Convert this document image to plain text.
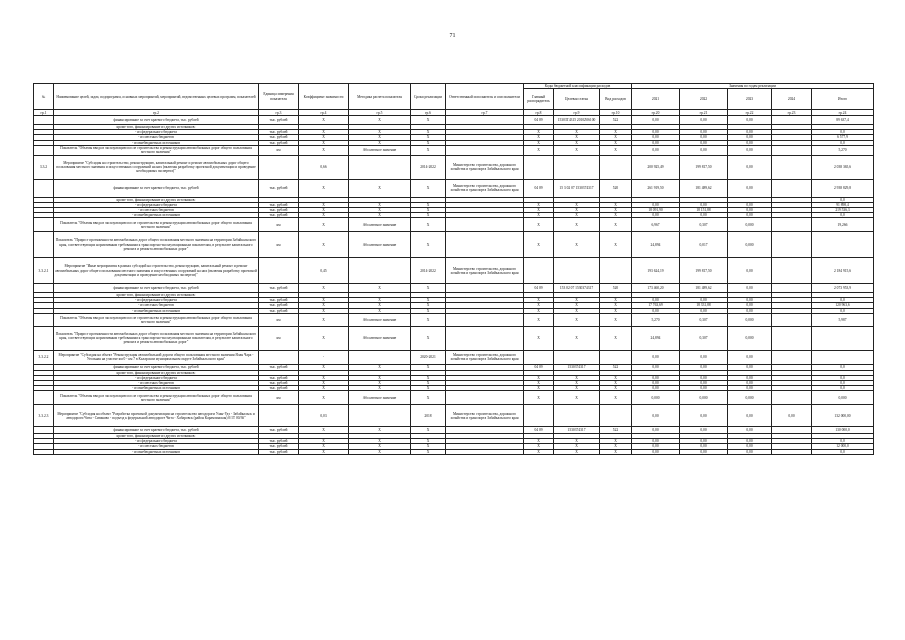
71
№	Наименование целей, задач, подпрограмм, основных мероприятий, мероприятий, ведомственных целевых программ, показателей	Единица измерения показателя	Коэффициент значимости	Методика расчета показателя	Сроки реализации	Ответственный исполнитель и соисполнители	Коды бюджетной классификации расходов			Значения по годам реализации				
							Главный распорядитель	Целевая статья	Вид расходов	2021	2022	2023	2024	Итого
гр.1	гр.2	гр.3	гр.4	гр.5	гр.6	гр.7	гр.8	гр.9	гр.10	гр.20	гр.21	гр.22	гр.23	гр.24
	финансирование за счет краевого бюджета, тыс. рублей	тыс. рублей	X	X	X		04 09	15303Т4315 2010Z06100	522	0,00	0,00	0,00		89 637,4
	кроме того, финансирование из других источников:													
	- из федерального бюджета	тыс. рублей	X	X	X		X	X	X	0,00	0,00	0,00		0,0
	- из местных бюджетов	тыс. рублей	X	X	X		X	X	X	0,00	0,00	0,00		6 577,9
	- из внебюджетных источников	тыс. рублей	X	X	X		X	X	X	0,00	0,00	0,00		0,0
	Показатель "Объемы ввода в эксплуатацию после строительства и реконструкции автомобильных дорог общего пользования местного значения"	км	X	Абсолютное значение	X		X	X	X	0,00	0,00	0,00		5,270
3.3.2	Мероприятие "Субсидия на строительство, реконструкцию, капитальный ремонт и ремонт автомобильных дорог общего пользования местного значения и искусственных сооружений на них (включая разработку проектной документации и проведение необходимых экспертиз)"		0,66		2014-2022	Министерство строительства, дорожного хозяйства и транспорта Забайкальского края				200 925,49	199 817,50	0,00		2 038 365,6
	финансирование за счет краевого бюджета, тыс. рублей	тыс. рублей	X	X	X	Министерство строительства, дорожного хозяйства и транспорта Забайкальского края	04 09	15 3 02 07 1530374317	520	261 919,50	181 489,62	0,00		2 938 829,8
	кроме того, финансирование из других источников:													0,0
	- из федерального бюджета	тыс. рублей	X	X	X		X	X	X	0,00	0,00	0,00		91 898,4
	- из местных бюджетов	тыс. рублей	X	X	X		X	X	X	18 091,90	18 151,88	0,00		219 536,3
	- из внебюджетных источников	тыс. рублей	X	X	X		X	X	X	0,00	0,00	0,00		0,0
	Показатель "Объемы ввода в эксплуатацию после строительства и реконструкции автомобильных дорог общего пользования местного значения"	км	X	Абсолютное значение	X		X	X	X	6,967	0,307	0,000		19,266
	Показатель "Прирост протяженности автомобильных дорог общего пользования местного значения на территории Забайкальского края, соответствующих нормативным требованиям к транспортно-эксплуатационным показателям, в результате капитального ремонта и ремонта автомобильных дорог"	км	X	Абсолютное значение	X		X	X	X	24,894	0,017	0,000		
3.3.2.1	Мероприятие "Иные мероприятия в рамках субсидий на строительство, реконструкцию, капитальный ремонт и ремонт автомобильных дорог общего пользования местного значения и искусственных сооружений на них (включая разработку проектной документации и проведение необходимых экспертиз)"		0,45		2014-2022	Министерство строительства, дорожного хозяйства и транспорта Забайкальского края				193 624,19	199 817,50	0,00		2 184 915,6
	финансирование за счет краевого бюджета, тыс. рублей	тыс. рублей	X	X	X		04 09	153 02 07 1530374317	520	173 460,20	181 489,62	0,00		2 073 953,9
	кроме того, финансирование из других источников:													
	- из федерального бюджета	тыс. рублей	X	X	X		X	X	X	0,00	0,00	0,00		0,0
	- из местных бюджетов	тыс. рублей	X	X	X		X	X	X	17 763,69	18 331,88	0,00		120 963,6
	- из внебюджетных источников	тыс. рублей	X	X	X		X	X	X	0,00	0,00	0,00		0,0
	Показатель "Объемы ввода в эксплуатацию после строительства и реконструкции автомобильных дорог общего пользования местного значения"	км	X	Абсолютное значение	X		X	X	X	5,270	0,307	0,000		5,987
	Показатель "Прирост протяженности автомобильных дорог общего пользования местного значения на территории Забайкальского края, соответствующих нормативным требованиям к транспортно-эксплуатационным показателям, в результате капитального ремонта и ремонта автомобильных дорог"	км	X	Абсолютное значение	X		X	X	X	24,894	0,307	0,000		
3.3.2.2	Мероприятие "Субсидия на объект "Реконструкция автомобильной дороги общего пользования местного значения Ялан Чара - Угольная на участке км 0 - км 7 в Каларском муниципальном округе Забайкальского края"		-		2020-2021	Министерство строительства, дорожного хозяйства и транспорта Забайкальского края				0,00	0,00	0,00		
	финансирование за счет краевого бюджета, тыс. рублей	тыс. рублей	X	X	X		04 09	1530374317	522	0,00	0,00	0,00		0,0
	кроме того, финансирование из других источников:													
	- из федерального бюджета	тыс. рублей	X	X	X		X	X	X	0,00	0,00	0,00		0,0
	- из местных бюджетов	тыс. рублей	X	X	X		X	X	X	0,00	0,00	0,00		0,0
	- из внебюджетных источников	тыс. рублей	X	X	X		X	X	X	0,00	0,00	0,00		0,0
	Показатель "Объемы ввода в эксплуатацию после строительства и реконструкции автомобильных дорог общего пользования местного значения"	км	X	Абсолютное значение	X		X	X	X	0,000	0,000	0,000		0,000
3.3.2.3	Мероприятие "Субсидия на объект "Разработка проектной документации на строительство автодороги Улан-Удэ - Забайкальск и автодороги Чита - Сиваково - подъезд к федеральной автодороге Чита - Хабаровск (район Карамзинская) 0/1Т 00/36"		0,03		2018	Министерство строительства, дорожного хозяйства и транспорта Забайкальского края				0,00	0,00	0,00	0,00	132 000,00
	финансирование за счет краевого бюджета, тыс. рублей	тыс. рублей	X	X	X		04 09	1530374317	522	0,00	0,00	0,00		130 000,0
	кроме того, финансирование из других источников:													
	- из федерального бюджета	тыс. рублей	X	X	X		X	X	X	0,00	0,00	0,00		0,0
	- из местных бюджетов	тыс. рублей	X	X	X		X	X	X	0,00	0,00	0,00		12 000,0
	- из внебюджетных источников	тыс. рублей	X	X	X		X	X	X	0,00	0,00	0,00		0,0
